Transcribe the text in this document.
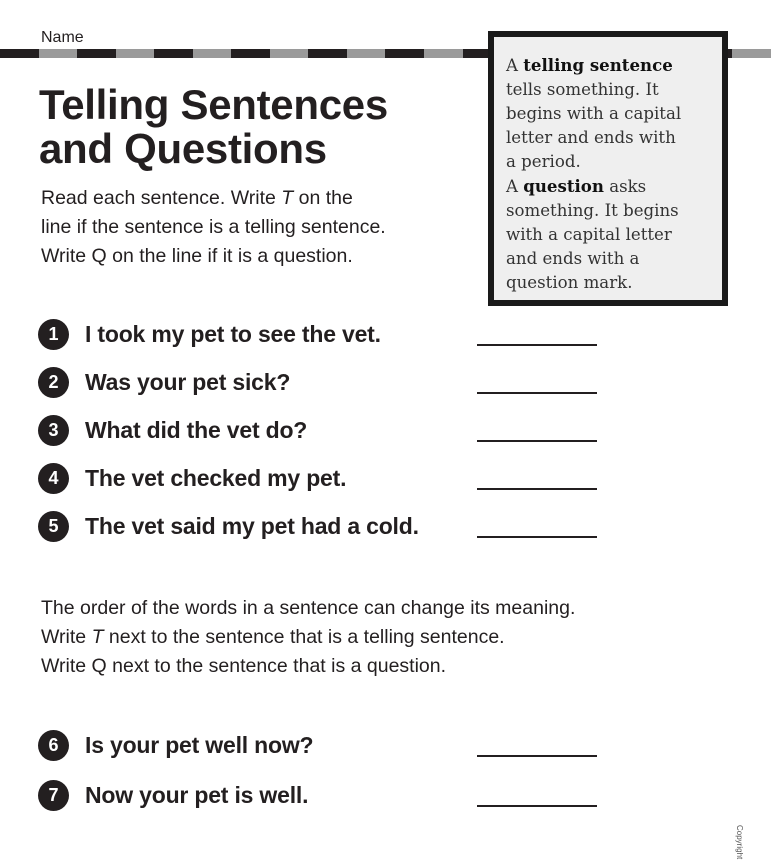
Name
Telling Sentences
and Questions
Read each sentence. Write T on the
line if the sentence is a telling sentence.
Write Q on the line if it is a question.
A telling sentence
tells something. It
begins with a capital
letter and ends with
a period.
A question asks
something. It begins
with a capital letter
and ends with a
question mark.
1	I took my pet to see the vet.
2	Was your pet sick?
3	What did the vet do?
4	The vet checked my pet.
5	The vet said my pet had a cold.
The order of the words in a sentence can change its meaning.
Write T next to the sentence that is a telling sentence.
Write Q next to the sentence that is a question.
6	Is your pet well now?
7	Now your pet is well.
Copyright
